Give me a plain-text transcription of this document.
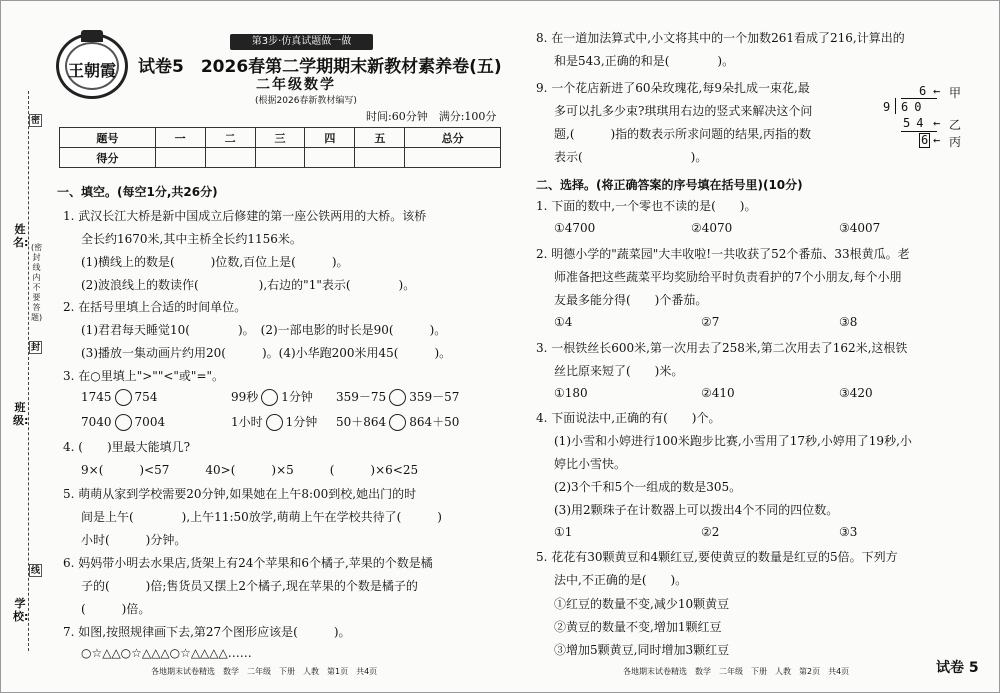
姓名:
班级:
学校:
(密封线内不要答题)
密
封
线
王朝霞
第3步·仿真试题做一做
试卷5　2026春第二学期期末新教材素养卷(五)
二年级数学
(根据2026春新教材编写)
时间:60分钟　满分:100分
题号	一	二	三	四	五	总分
得分						
一、填空。(每空1分,共26分)
1. 武汉长江大桥是新中国成立后修建的第一座公铁两用的大桥。该桥
全长约1670米,其中主桥全长约1156米。
(1)横线上的数是(　　　)位数,百位上是(　　　)。
(2)波浪线上的数读作(　　　　　),右边的"1"表示(　　　　)。
2. 在括号里填上合适的时间单位。
(1)君君每天睡觉10(　　　　)。　(2)一部电影的时长是90(　　　)。
(3)播放一集动画片约用20(　　　)。(4)小华跑200米用45(　　　)。
3. 在○里填上">""<"或"="。
1745 754	99秒 1分钟 359－75 359－57
7040 7004	1小时 1分钟 50＋864 864＋50
4. (　　)里最大能填几?
9×(　　　)<57　　　40>(　　　)×5　　　(　　　)×6<25
5. 萌萌从家到学校需要20分钟,如果她在上午8:00到校,她出门的时
间是上午(　　　　),上午11:50放学,萌萌上午在学校共待了(　　　)
小时(　　　)分钟。
6. 妈妈带小明去水果店,货架上有24个苹果和6个橘子,苹果的个数是橘
子的(　　　)倍;售货员又摆上2个橘子,现在苹果的个数是橘子的
(　　　)倍。
7. 如图,按照规律画下去,第27个图形应该是(　　　)。
○☆△△○☆△△△○☆△△△△……
各地期末试卷精选　数学　二年级　下册　人教　第1页　共4页
8. 在一道加法算式中,小文将其中的一个加数261看成了216,计算出的
和是543,正确的和是(　　　　)。
9. 一个花店新进了60朵玫瑰花,每9朵扎成一束花,最
多可以扎多少束?琪琪用右边的竖式来解决这个问
题,(　　　)指的数表示所求问题的结果,丙指的数
表示(　　　　　　　　　)。
6 ← 甲
9 60
54 ← 乙
6 ← 丙
二、选择。(将正确答案的序号填在括号里)(10分)
1. 下面的数中,一个零也不读的是(　　)。
①4700	②4070	③4007
2. 明德小学的"蔬菜园"大丰收啦!一共收获了52个番茄、33根黄瓜。老
师准备把这些蔬菜平均奖励给平时负责看护的7个小朋友,每个小朋
友最多能分得(　　)个番茄。
①4	②7	③8
3. 一根铁丝长600米,第一次用去了258米,第二次用去了162米,这根铁
丝比原来短了(　　)米。
①180	②410	③420
4. 下面说法中,正确的有(　　)个。
(1)小雪和小婷进行100米跑步比赛,小雪用了17秒,小婷用了19秒,小
婷比小雪快。
(2)3个千和5个一组成的数是305。
(3)用2颗珠子在计数器上可以拨出4个不同的四位数。
①1	②2	③3
5. 花花有30颗黄豆和4颗红豆,要使黄豆的数量是红豆的5倍。下列方
法中,不正确的是(　　)。
①红豆的数量不变,减少10颗黄豆
②黄豆的数量不变,增加1颗红豆
③增加5颗黄豆,同时增加3颗红豆
各地期末试卷精选　数学　二年级　下册　人教　第2页　共4页	试卷 5
